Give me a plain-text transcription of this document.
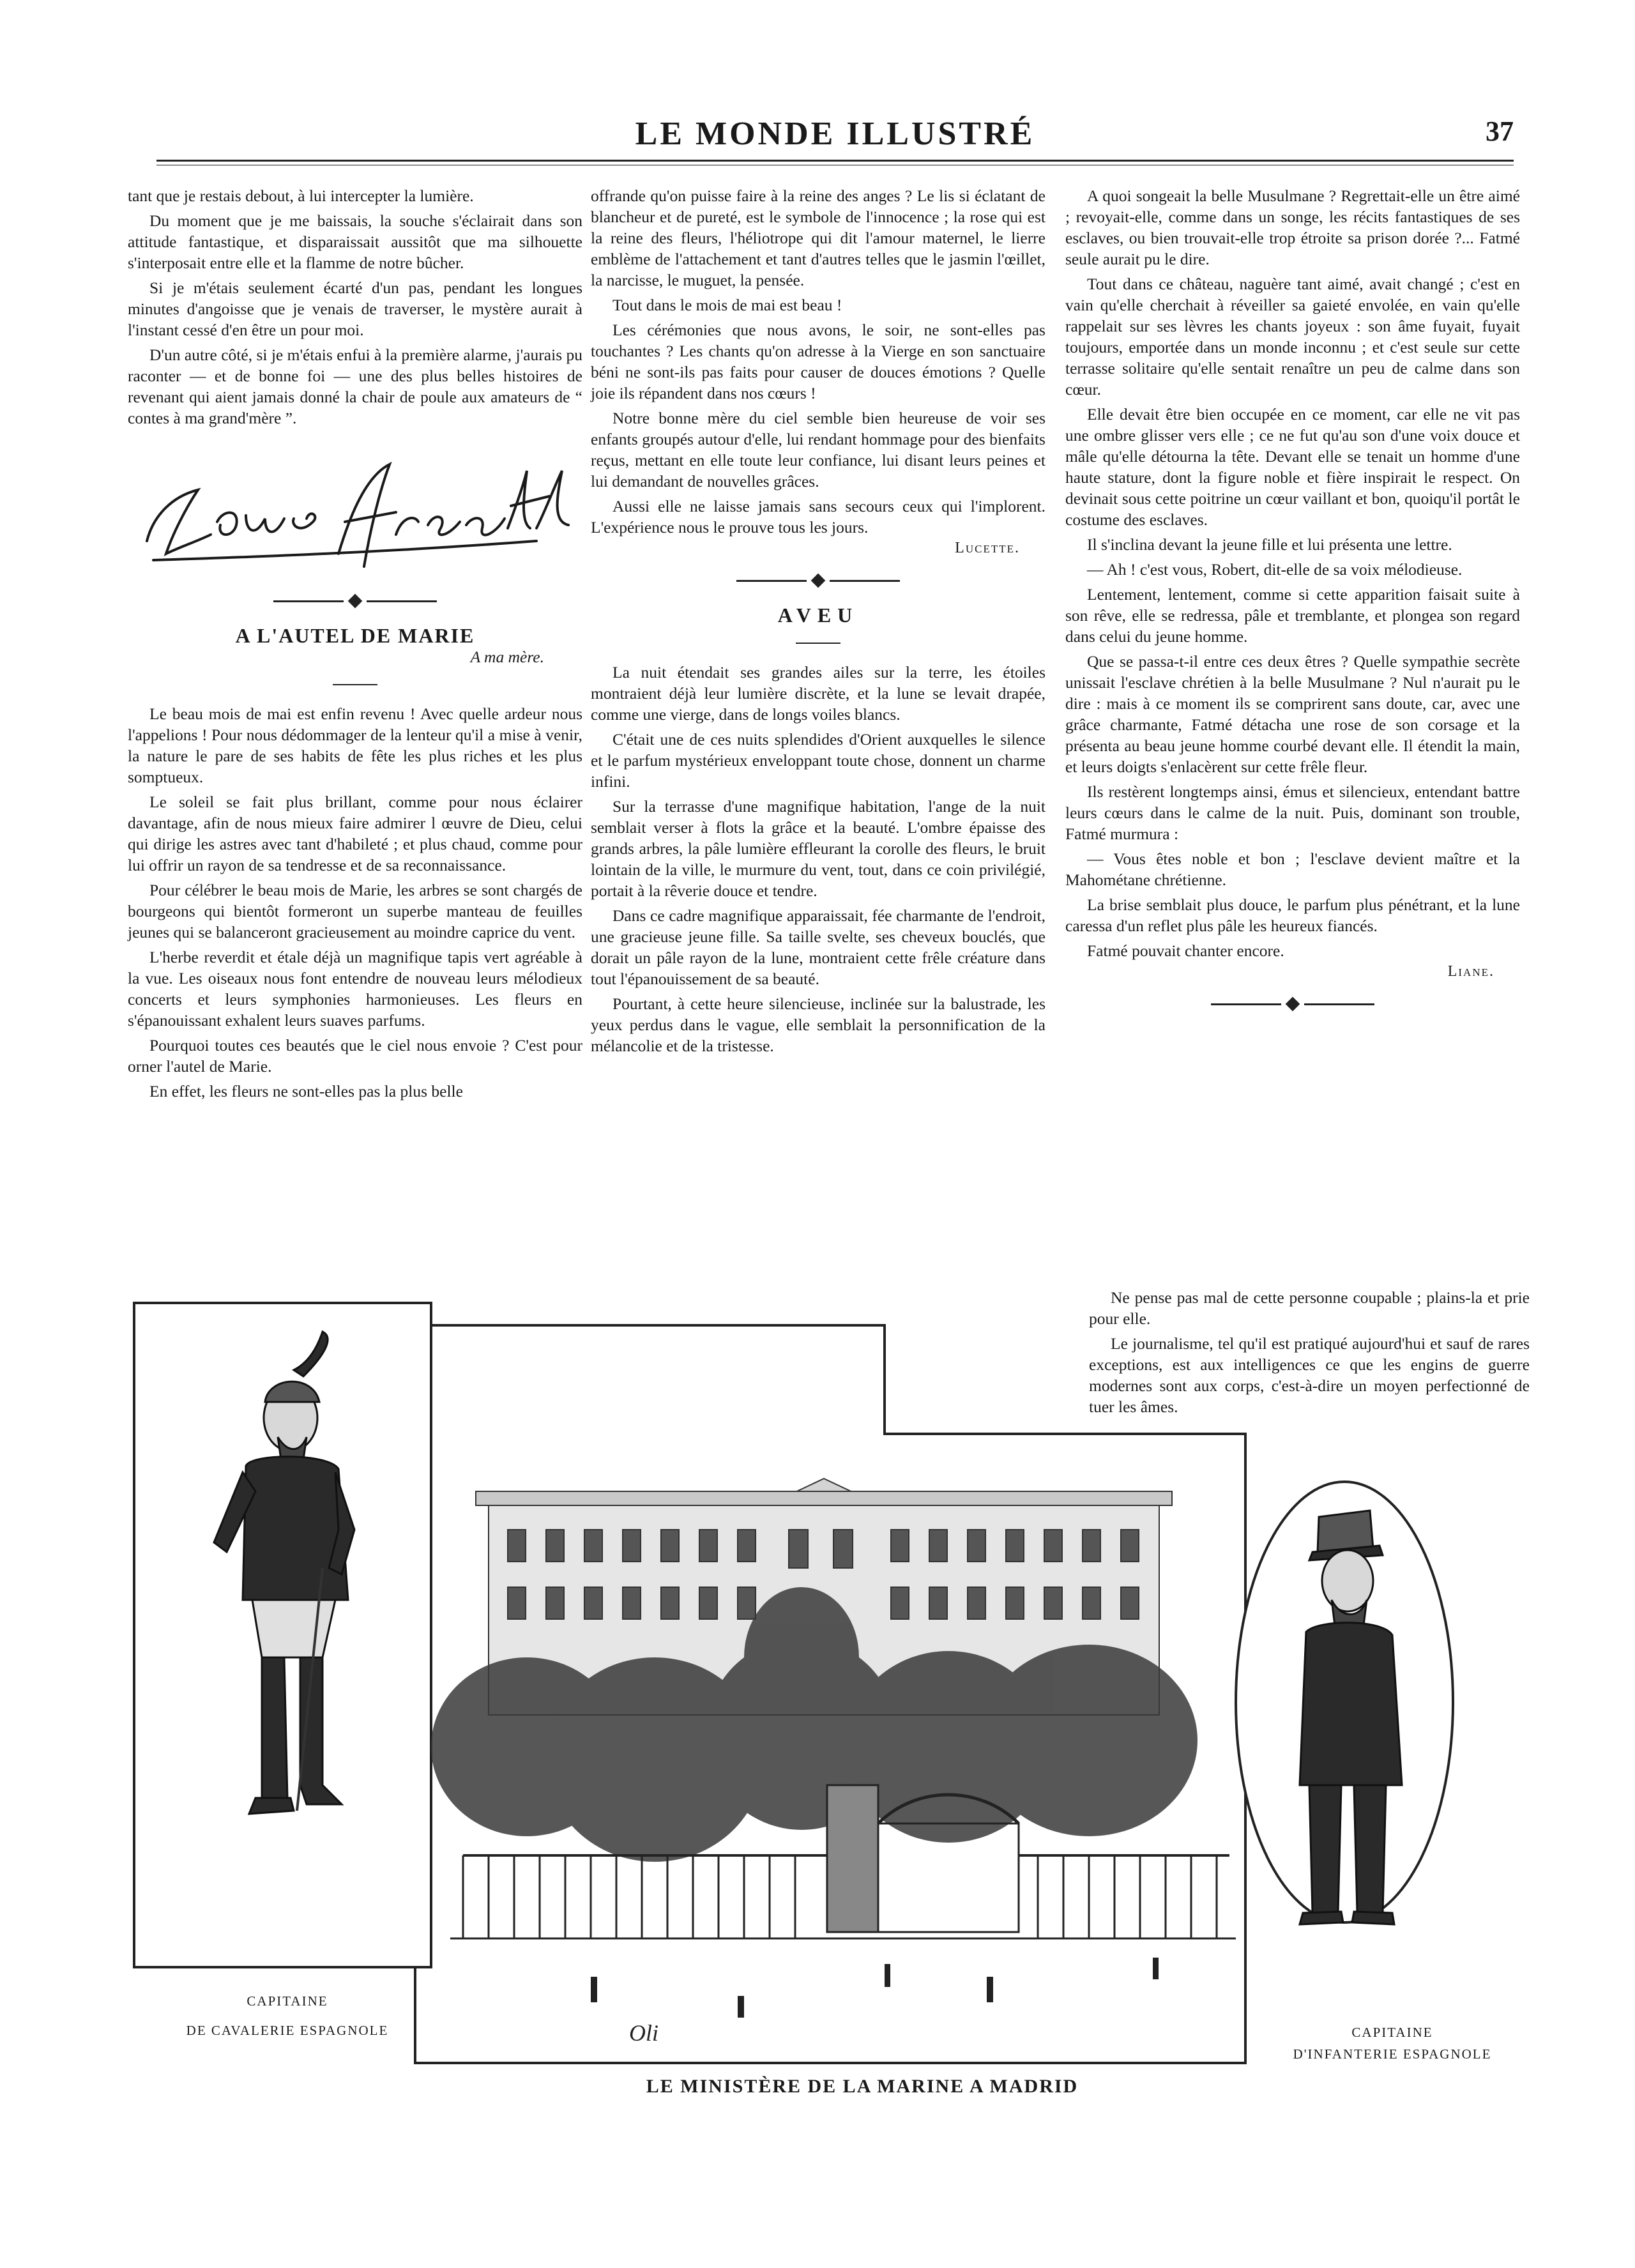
LE MONDE ILLUSTRÉ	37

tant que je restais debout, à lui intercepter la lumière.

Du moment que je me baissais, la souche s'éclairait dans son attitude fantastique, et disparaissait aussitôt que ma silhouette s'interposait entre elle et la flamme de notre bûcher.

Si je m'étais seulement écarté d'un pas, pendant les longues minutes d'angoisse que je venais de traverser, le mystère aurait à l'instant cessé d'en être un pour moi.

D'un autre côté, si je m'étais enfui à la première alarme, j'aurais pu raconter — et de bonne foi — une des plus belles histoires de revenant qui aient jamais donné la chair de poule aux amateurs de “ contes à ma grand'mère ”.

A L'AUTEL DE MARIE
A ma mère.

Le beau mois de mai est enfin revenu ! Avec quelle ardeur nous l'appelions ! Pour nous dédommager de la lenteur qu'il a mise à venir, la nature le pare de ses habits de fête les plus riches et les plus somptueux.

Le soleil se fait plus brillant, comme pour nous éclairer davantage, afin de nous mieux faire admirer l œuvre de Dieu, celui qui dirige les astres avec tant d'habileté ; et plus chaud, comme pour lui offrir un rayon de sa tendresse et de sa reconnaissance.

Pour célébrer le beau mois de Marie, les arbres se sont chargés de bourgeons qui bientôt formeront un superbe manteau de feuilles jeunes qui se balanceront gracieusement au moindre caprice du vent.

L'herbe reverdit et étale déjà un magnifique tapis vert agréable à la vue. Les oiseaux nous font entendre de nouveau leurs mélodieux concerts et leurs symphonies harmonieuses. Les fleurs en s'épanouissant exhalent leurs suaves parfums.

Pourquoi toutes ces beautés que le ciel nous envoie ? C'est pour orner l'autel de Marie.

En effet, les fleurs ne sont-elles pas la plus belle

offrande qu'on puisse faire à la reine des anges ? Le lis si éclatant de blancheur et de pureté, est le symbole de l'innocence ; la rose qui est la reine des fleurs, l'héliotrope qui dit l'amour maternel, le lierre emblème de l'attachement et tant d'autres telles que le jasmin l'œillet, la narcisse, le muguet, la pensée.

Tout dans le mois de mai est beau !

Les cérémonies que nous avons, le soir, ne sont-elles pas touchantes ? Les chants qu'on adresse à la Vierge en son sanctuaire béni ne sont-ils pas faits pour causer de douces émotions ? Quelle joie ils répandent dans nos cœurs !

Notre bonne mère du ciel semble bien heureuse de voir ses enfants groupés autour d'elle, lui rendant hommage pour des bienfaits reçus, mettant en elle toute leur confiance, lui disant leurs peines et lui demandant de nouvelles grâces.

Aussi elle ne laisse jamais sans secours ceux qui l'implorent. L'expérience nous le prouve tous les jours.

Lucette.
AVEU

La nuit étendait ses grandes ailes sur la terre, les étoiles montraient déjà leur lumière discrète, et la lune se levait drapée, comme une vierge, dans de longs voiles blancs.

C'était une de ces nuits splendides d'Orient auxquelles le silence et le parfum mystérieux enveloppant toute chose, donnent un charme infini.

Sur la terrasse d'une magnifique habitation, l'ange de la nuit semblait verser à flots la grâce et la beauté. L'ombre épaisse des grands arbres, la pâle lumière effleurant la corolle des fleurs, le bruit lointain de la ville, le murmure du vent, tout, dans ce coin privilégié, portait à la rêverie douce et tendre.

Dans ce cadre magnifique apparaissait, fée charmante de l'endroit, une gracieuse jeune fille. Sa taille svelte, ses cheveux bouclés, que dorait un pâle rayon de la lune, montraient cette frêle créature dans tout l'épanouissement de sa beauté.

Pourtant, à cette heure silencieuse, inclinée sur la balustrade, les yeux perdus dans le vague, elle semblait la personnification de la mélancolie et de la tristesse.

A quoi songeait la belle Musulmane ? Regrettait-elle un être aimé ; revoyait-elle, comme dans un songe, les récits fantastiques de ses esclaves, ou bien trouvait-elle trop étroite sa prison dorée ?... Fatmé seule aurait pu le dire.

Tout dans ce château, naguère tant aimé, avait changé ; c'est en vain qu'elle cherchait à réveiller sa gaieté envolée, en vain qu'elle rappelait sur ses lèvres les chants joyeux : son âme fuyait, fuyait toujours, emportée dans un monde inconnu ; et c'est seule sur cette terrasse solitaire qu'elle sentait renaître un peu de calme dans son cœur.

Elle devait être bien occupée en ce moment, car elle ne vit pas une ombre glisser vers elle ; ce ne fut qu'au son d'une voix douce et mâle qu'elle détourna la tête. Devant elle se tenait un homme d'une haute stature, dont la figure noble et fière inspirait le respect. On devinait sous cette poitrine un cœur vaillant et bon, quoiqu'il portât le costume des esclaves.

Il s'inclina devant la jeune fille et lui présenta une lettre.

— Ah ! c'est vous, Robert, dit-elle de sa voix mélodieuse.

Lentement, lentement, comme si cette apparition faisait suite à son rêve, elle se redressa, pâle et tremblante, et plongea son regard dans celui du jeune homme.

Que se passa-t-il entre ces deux êtres ? Quelle sympathie secrète unissait l'esclave chrétien à la belle Musulmane ? Nul n'aurait pu le dire : mais à ce moment ils se comprirent sans doute, car, avec une grâce charmante, Fatmé détacha une rose de son corsage et la présenta au beau jeune homme courbé devant elle. Il étendit la main, et leurs doigts s'enlacèrent sur cette frêle fleur.

Ils restèrent longtemps ainsi, émus et silencieux, entendant battre leurs cœurs dans le calme de la nuit. Puis, dominant son trouble, Fatmé murmura :

— Vous êtes noble et bon ; l'esclave devient maître et la Mahométane chrétienne.

La brise semblait plus douce, le parfum plus pénétrant, et la lune caressa d'un reflet plus pâle les heureux fiancés.

Fatmé pouvait chanter encore.

Liane.

Ne pense pas mal de cette personne coupable ; plains-la et prie pour elle.

Le journalisme, tel qu'il est pratiqué aujourd'hui et sauf de rares exceptions, est aux intelligences ce que les engins de guerre modernes sont aux corps, c'est-à-dire un moyen perfectionné de tuer les âmes.

Oli
CAPITAINE
DE CAVALERIE ESPAGNOLE	CAPITAINE
D'INFANTERIE ESPAGNOLE
LE MINISTÈRE DE LA MARINE A MADRID
